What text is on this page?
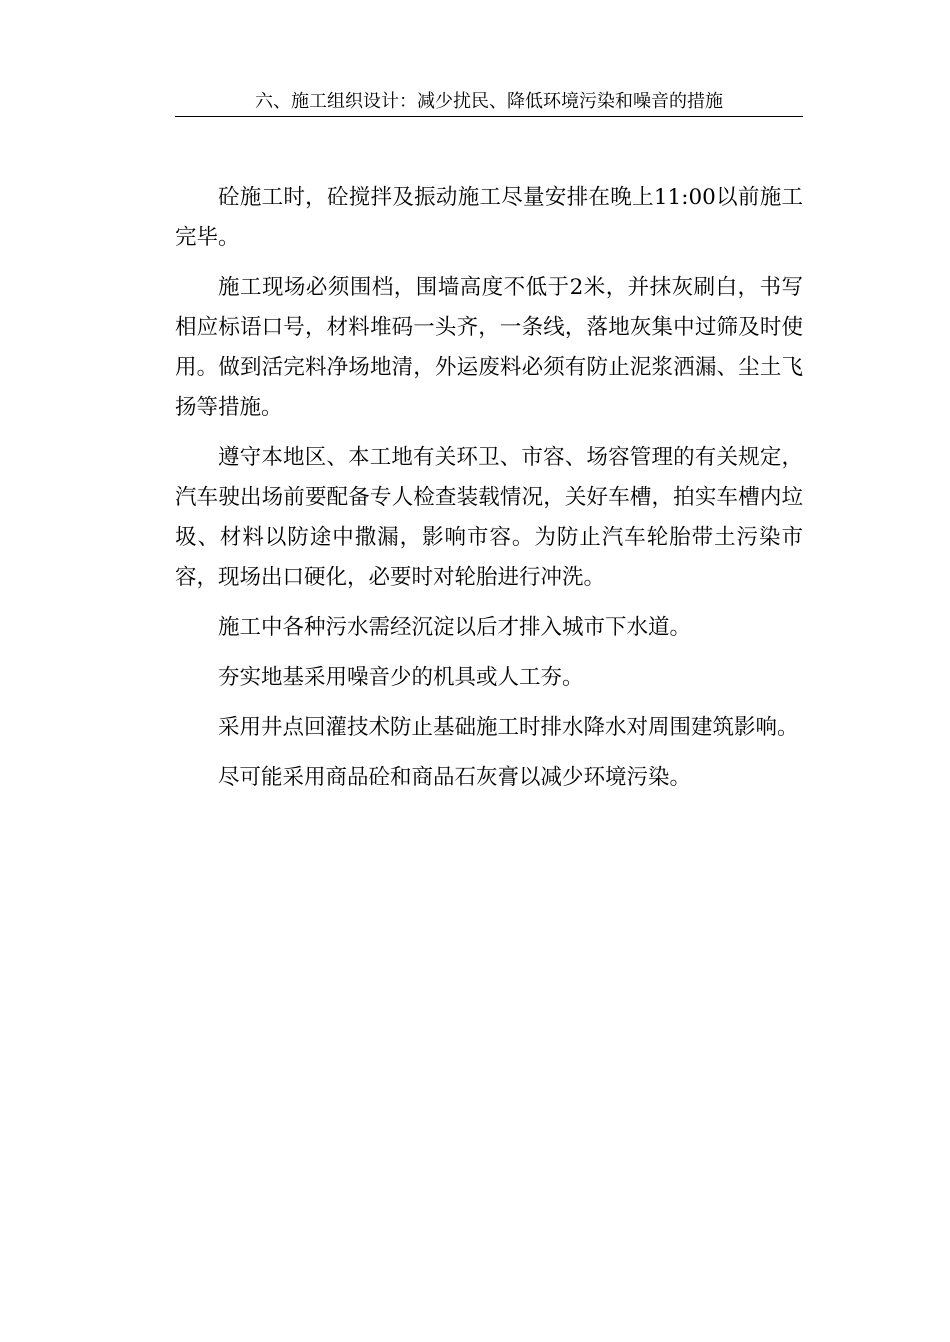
六、施工组织设计：减少扰民、降低环境污染和噪音的措施

砼施工时，砼搅拌及振动施工尽量安排在晚上11:00以前施工完毕。

施工现场必须围档，围墙高度不低于2米，并抹灰刷白，书写相应标语口号，材料堆码一头齐，一条线，落地灰集中过筛及时使用。做到活完料净场地清，外运废料必须有防止泥浆洒漏、尘土飞扬等措施。

遵守本地区、本工地有关环卫、市容、场容管理的有关规定，汽车驶出场前要配备专人检查装载情况，关好车槽，拍实车槽内垃圾、材料以防途中撒漏，影响市容。为防止汽车轮胎带土污染市容，现场出口硬化，必要时对轮胎进行冲洗。

施工中各种污水需经沉淀以后才排入城市下水道。

夯实地基采用噪音少的机具或人工夯。

采用井点回灌技术防止基础施工时排水降水对周围建筑影响。

尽可能采用商品砼和商品石灰膏以减少环境污染。
